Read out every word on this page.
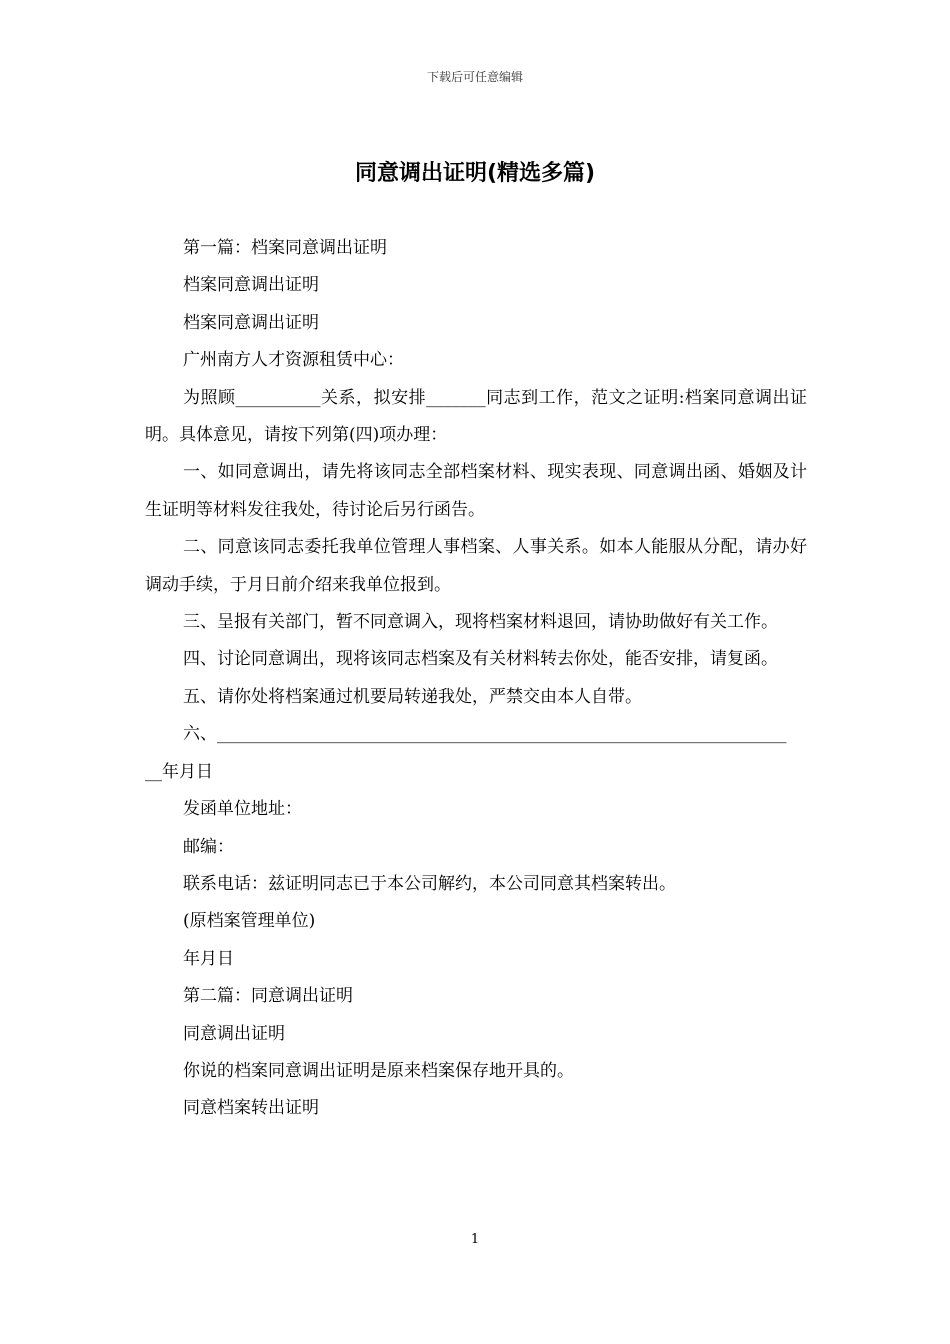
下载后可任意编辑
同意调出证明(精选多篇)

第一篇：档案同意调出证明

档案同意调出证明

档案同意调出证明

广州南方人才资源租赁中心：

为照顾__________关系，拟安排_______同志到工作，范文之证明:档案同意调出证明。具体意见，请按下列第(四)项办理：

一、如同意调出，请先将该同志全部档案材料、现实表现、同意调出函、婚姻及计生证明等材料发往我处，待讨论后另行函告。

二、同意该同志委托我单位管理人事档案、人事关系。如本人能服从分配，请办好调动手续，于月日前介绍来我单位报到。

三、呈报有关部门，暂不同意调入，现将档案材料退回，请协助做好有关工作。

四、讨论同意调出，现将该同志档案及有关材料转去你处，能否安排，请复函。

五、请你处将档案通过机要局转递我处，严禁交由本人自带。

六、___________________________________________________________________

__年月日

发函单位地址：

邮编：

联系电话：兹证明同志已于本公司解约，本公司同意其档案转出。

(原档案管理单位)

年月日

第二篇：同意调出证明

同意调出证明

你说的档案同意调出证明是原来档案保存地开具的。

同意档案转出证明

1
